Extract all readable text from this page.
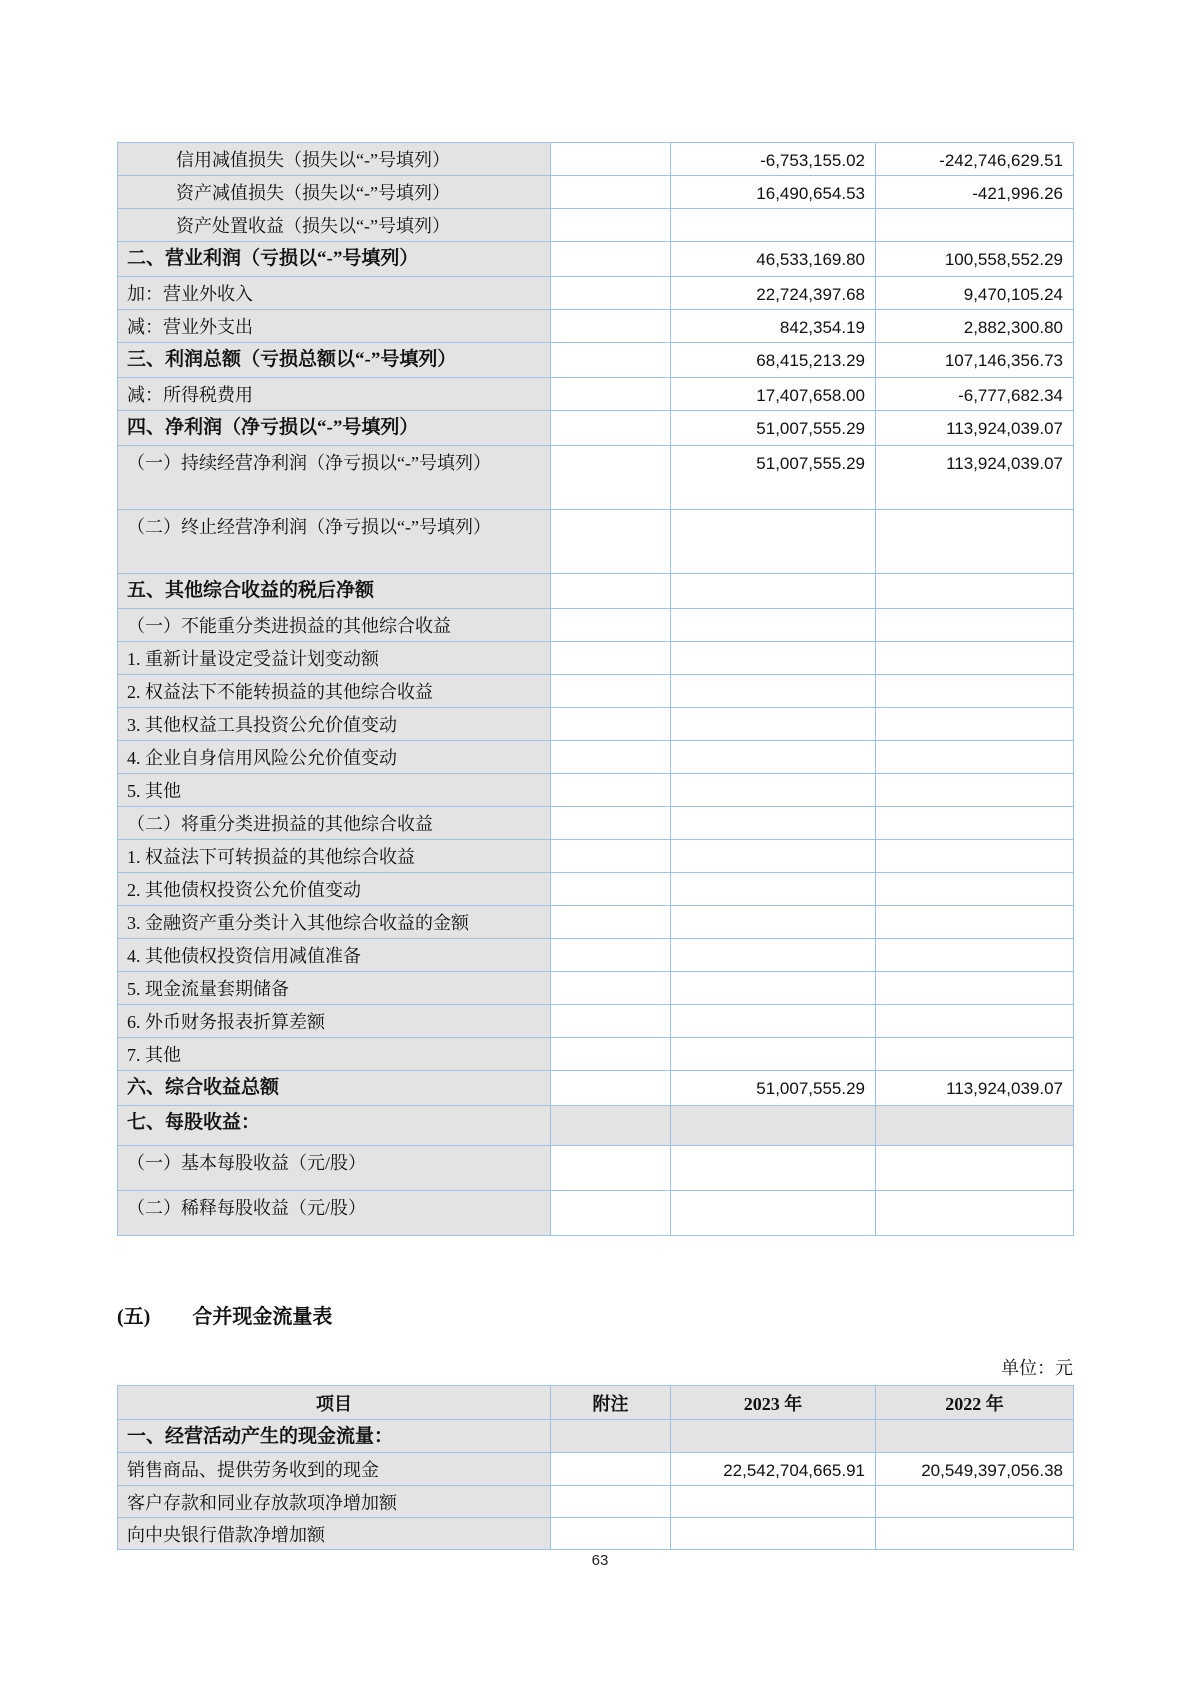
信用减值损失（损失以“-”号填列）		-6,753,155.02	-242,746,629.51
资产减值损失（损失以“-”号填列）		16,490,654.53	-421,996.26
资产处置收益（损失以“-”号填列）			
二、营业利润（亏损以“-”号填列）		46,533,169.80	100,558,552.29
加：营业外收入		22,724,397.68	9,470,105.24
减：营业外支出		842,354.19	2,882,300.80
三、利润总额（亏损总额以“-”号填列）		68,415,213.29	107,146,356.73
减：所得税费用		17,407,658.00	-6,777,682.34
四、净利润（净亏损以“-”号填列）		51,007,555.29	113,924,039.07
（一）持续经营净利润（净亏损以“-”号填列）		51,007,555.29	113,924,039.07
（二）终止经营净利润（净亏损以“-”号填列）			
五、其他综合收益的税后净额			
（一）不能重分类进损益的其他综合收益			
1. 重新计量设定受益计划变动额			
2. 权益法下不能转损益的其他综合收益			
3. 其他权益工具投资公允价值变动			
4. 企业自身信用风险公允价值变动			
5. 其他			
（二）将重分类进损益的其他综合收益			
1. 权益法下可转损益的其他综合收益			
2. 其他债权投资公允价值变动			
3. 金融资产重分类计入其他综合收益的金额			
4. 其他债权投资信用减值准备			
5. 现金流量套期储备			
6. 外币财务报表折算差额			
7. 其他			
六、综合收益总额		51,007,555.29	113,924,039.07
七、每股收益：			
（一）基本每股收益（元/股）			
（二）稀释每股收益（元/股）			
(五) 合并现金流量表
单位：元
项目	附注	2023 年	2022 年
一、经营活动产生的现金流量：			
销售商品、提供劳务收到的现金		22,542,704,665.91	20,549,397,056.38
客户存款和同业存放款项净增加额			
向中央银行借款净增加额			
63
